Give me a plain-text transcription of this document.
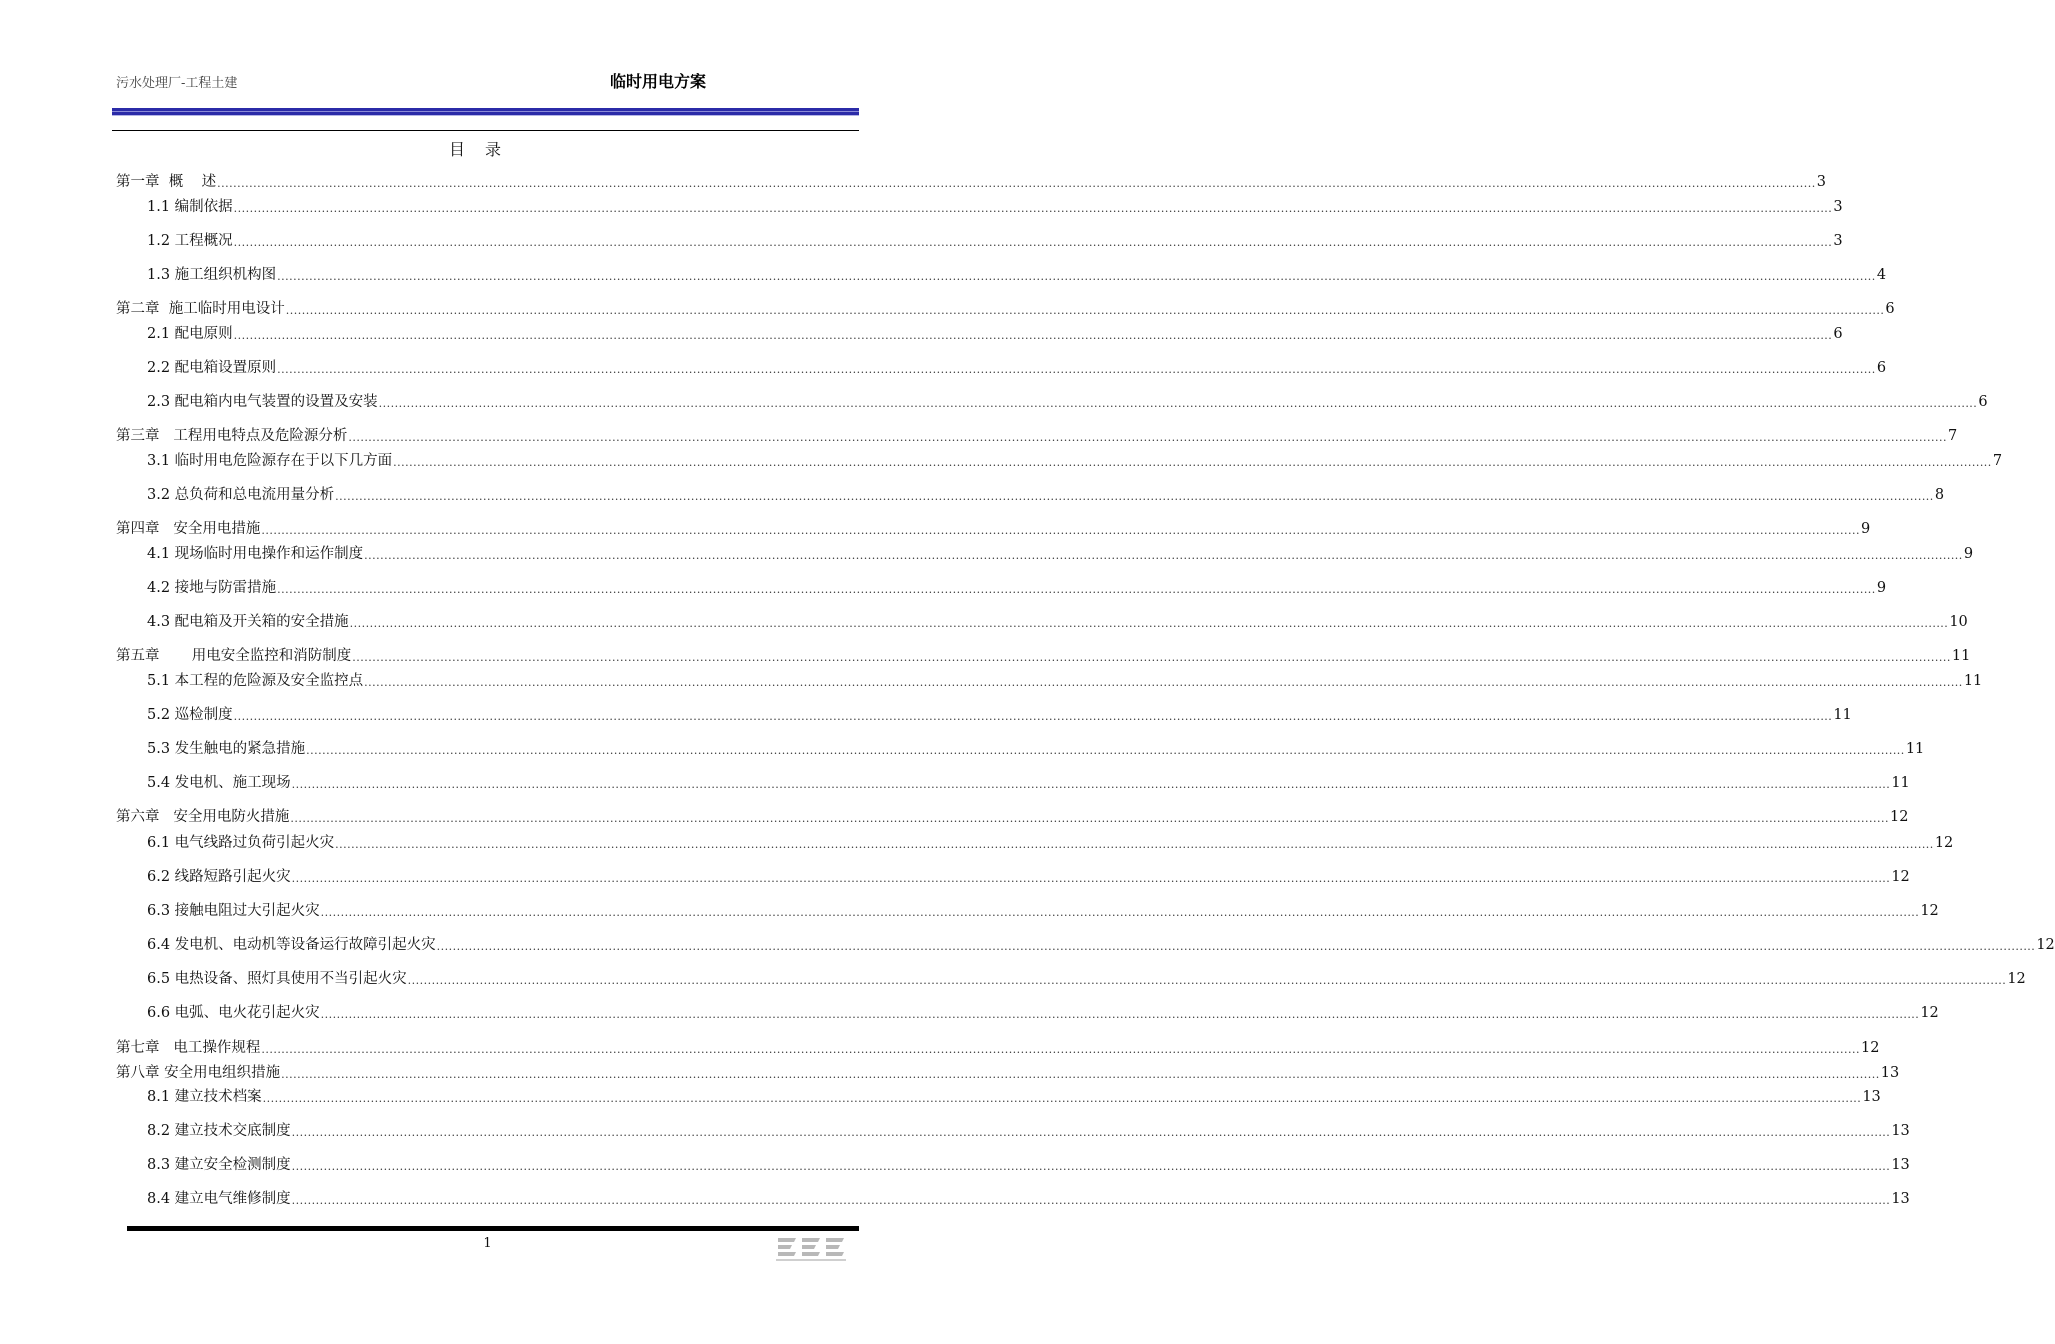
污水处理厂-工程土建	临时用电方案
目录
第一章  概    述 ................................................................................................................................................................................................................................................................................................................................................................................................................ 3
1.1 编制依据 ................................................................................................................................................................................................................................................................................................................................................................................................................ 3
1.2 工程概况 ................................................................................................................................................................................................................................................................................................................................................................................................................ 3
1.3 施工组织机构图 ................................................................................................................................................................................................................................................................................................................................................................................................................ 4
第二章  施工临时用电设计 ................................................................................................................................................................................................................................................................................................................................................................................................................ 6
2.1 配电原则 ................................................................................................................................................................................................................................................................................................................................................................................................................ 6
2.2 配电箱设置原则 ................................................................................................................................................................................................................................................................................................................................................................................................................ 6
2.3 配电箱内电气装置的设置及安装 ................................................................................................................................................................................................................................................................................................................................................................................................................ 6
第三章   工程用电特点及危险源分析 ................................................................................................................................................................................................................................................................................................................................................................................................................ 7
3.1 临时用电危险源存在于以下几方面 ................................................................................................................................................................................................................................................................................................................................................................................................................ 7
3.2 总负荷和总电流用量分析 ................................................................................................................................................................................................................................................................................................................................................................................................................ 8
第四章   安全用电措施 ................................................................................................................................................................................................................................................................................................................................................................................................................ 9
4.1 现场临时用电操作和运作制度 ................................................................................................................................................................................................................................................................................................................................................................................................................ 9
4.2 接地与防雷措施 ................................................................................................................................................................................................................................................................................................................................................................................................................ 9
4.3 配电箱及开关箱的安全措施 ................................................................................................................................................................................................................................................................................................................................................................................................................ 10
第五章       用电安全监控和消防制度 ................................................................................................................................................................................................................................................................................................................................................................................................................ 11
5.1 本工程的危险源及安全监控点 ................................................................................................................................................................................................................................................................................................................................................................................................................ 11
5.2 巡检制度 ................................................................................................................................................................................................................................................................................................................................................................................................................ 11
5.3 发生触电的紧急措施 ................................................................................................................................................................................................................................................................................................................................................................................................................ 11
5.4 发电机、施工现场 ................................................................................................................................................................................................................................................................................................................................................................................................................ 11
第六章   安全用电防火措施 ................................................................................................................................................................................................................................................................................................................................................................................................................ 12
6.1 电气线路过负荷引起火灾 ................................................................................................................................................................................................................................................................................................................................................................................................................ 12
6.2 线路短路引起火灾 ................................................................................................................................................................................................................................................................................................................................................................................................................ 12
6.3 接触电阻过大引起火灾 ................................................................................................................................................................................................................................................................................................................................................................................................................ 12
6.4 发电机、电动机等设备运行故障引起火灾 ................................................................................................................................................................................................................................................................................................................................................................................................................ 12
6.5 电热设备、照灯具使用不当引起火灾 ................................................................................................................................................................................................................................................................................................................................................................................................................ 12
6.6 电弧、电火花引起火灾 ................................................................................................................................................................................................................................................................................................................................................................................................................ 12
第七章   电工操作规程 ................................................................................................................................................................................................................................................................................................................................................................................................................ 12
第八章 安全用电组织措施 ................................................................................................................................................................................................................................................................................................................................................................................................................ 13
8.1 建立技术档案 ................................................................................................................................................................................................................................................................................................................................................................................................................ 13
8.2 建立技术交底制度 ................................................................................................................................................................................................................................................................................................................................................................................................................ 13
8.3 建立安全检测制度 ................................................................................................................................................................................................................................................................................................................................................................................................................ 13
8.4 建立电气维修制度 ................................................................................................................................................................................................................................................................................................................................................................................................................ 13
1
